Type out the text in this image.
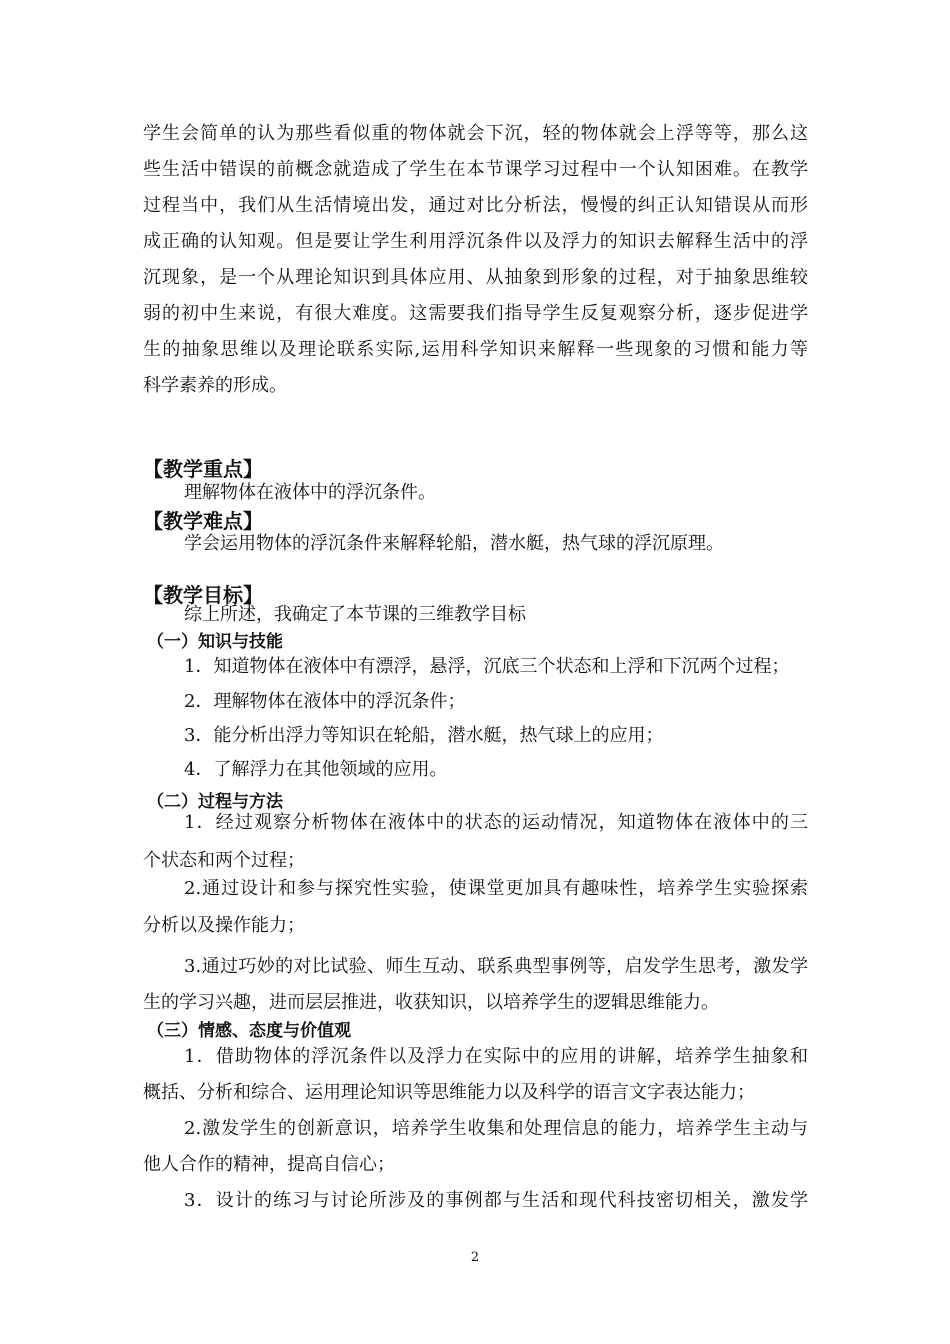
学生会简单的认为那些看似重的物体就会下沉，轻的物体就会上浮等等，那么这
些生活中错误的前概念就造成了学生在本节课学习过程中一个认知困难。在教学
过程当中，我们从生活情境出发，通过对比分析法，慢慢的纠正认知错误从而形
成正确的认知观。但是要让学生利用浮沉条件以及浮力的知识去解释生活中的浮
沉现象，是一个从理论知识到具体应用、从抽象到形象的过程，对于抽象思维较
弱的初中生来说，有很大难度。这需要我们指导学生反复观察分析，逐步促进学
生的抽象思维以及理论联系实际,运用科学知识来解释一些现象的习惯和能力等
科学素养的形成。
【教学重点】
理解物体在液体中的浮沉条件。
【教学难点】
学会运用物体的浮沉条件来解释轮船，潜水艇，热气球的浮沉原理。
【教学目标】
综上所述，我确定了本节课的三维教学目标
（一）知识与技能
1．知道物体在液体中有漂浮，悬浮，沉底三个状态和上浮和下沉两个过程；
2．理解物体在液体中的浮沉条件；
3．能分析出浮力等知识在轮船，潜水艇，热气球上的应用；
4．了解浮力在其他领域的应用。
（二）过程与方法
1．经过观察分析物体在液体中的状态的运动情况，知道物体在液体中的三
个状态和两个过程；
2.通过设计和参与探究性实验，使课堂更加具有趣味性，培养学生实验探索
分析以及操作能力；
3.通过巧妙的对比试验、师生互动、联系典型事例等，启发学生思考，激发学
生的学习兴趣，进而层层推进，收获知识，以培养学生的逻辑思维能力。
（三）情感、态度与价值观
1．借助物体的浮沉条件以及浮力在实际中的应用的讲解，培养学生抽象和
概括、分析和综合、运用理论知识等思维能力以及科学的语言文字表达能力；
2.激发学生的创新意识，培养学生收集和处理信息的能力，培养学生主动与
他人合作的精神，提高自信心；
3．设计的练习与讨论所涉及的事例都与生活和现代科技密切相关，激发学
2
